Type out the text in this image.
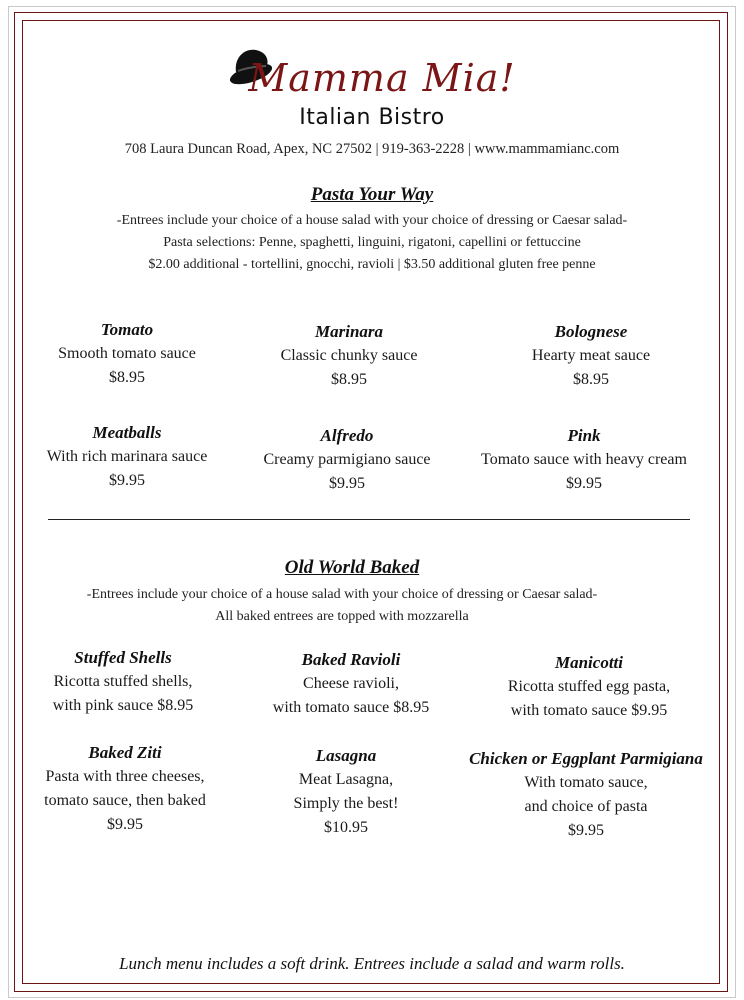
Mamma Mia!
Italian Bistro
708 Laura Duncan Road, Apex, NC 27502 | 919-363-2228 | www.mammamianc.com
Pasta Your Way
-Entrees include your choice of a house salad with your choice of dressing or Caesar salad-
Pasta selections: Penne, spaghetti, linguini, rigatoni, capellini or fettuccine
$2.00 additional - tortellini, gnocchi, ravioli | $3.50 additional gluten free penne
Tomato
Smooth tomato sauce
$8.95
Marinara
Classic chunky sauce
$8.95
Bolognese
Hearty meat sauce
$8.95
Meatballs
With rich marinara sauce
$9.95
Alfredo
Creamy parmigiano sauce
$9.95
Pink
Tomato sauce with heavy cream
$9.95
Old World Baked
-Entrees include your choice of a house salad with your choice of dressing or Caesar salad-
All baked entrees are topped with mozzarella
Stuffed Shells
Ricotta stuffed shells,
with pink sauce $8.95
Baked Ravioli
Cheese ravioli,
with tomato sauce $8.95
Manicotti
Ricotta stuffed egg pasta,
with tomato sauce $9.95
Baked Ziti
Pasta with three cheeses,
tomato sauce, then baked
$9.95
Lasagna
Meat Lasagna,
Simply the best!
$10.95
Chicken or Eggplant Parmigiana
With tomato sauce,
and choice of pasta
$9.95
Lunch menu includes a soft drink. Entrees include a salad and warm rolls.
